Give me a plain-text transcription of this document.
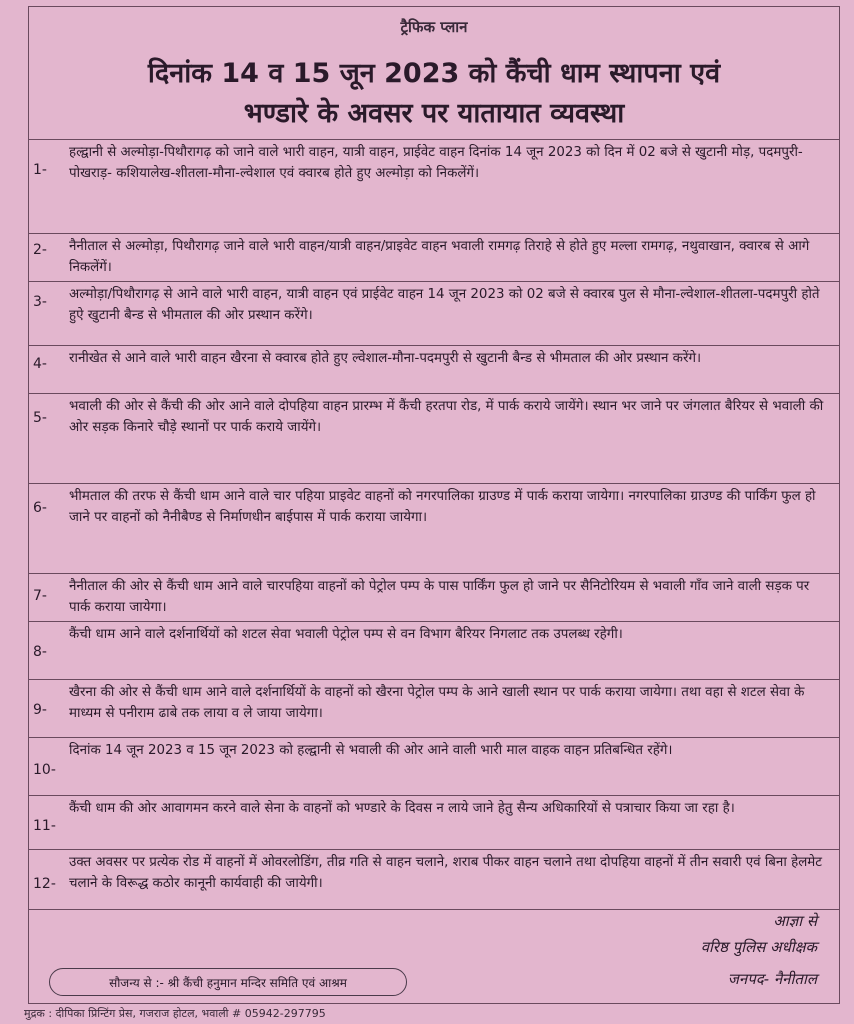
ट्रैफिक प्लान
दिनांक 14 व 15 जून 2023 को कैंची धाम स्थापना एवं
भण्डारे के अवसर पर यातायात व्यवस्था
1-
हल्द्वानी से अल्मोड़ा-पिथौरागढ़ को जाने वाले भारी वाहन, यात्री वाहन, प्राईवेट वाहन दिनांक 14 जून 2023 को दिन में 02 बजे से खुटानी मोड़, पदमपुरी-पोखराड़- कशियालेख-शीतला-मौना-ल्वेशाल एवं क्वारब होते हुए अल्मोड़ा को निकलेंगें।
2- नैनीताल से अल्मोड़ा, पिथौरागढ़ जाने वाले भारी वाहन/यात्री वाहन/प्राइवेट वाहन भवाली रामगढ़ तिराहे से होते हुए मल्ला रामगढ़, नथुवाखान, क्वारब से आगे निकलेंगें।
3- अल्मोड़ा/पिथौरागढ़ से आने वाले भारी वाहन, यात्री वाहन एवं प्राईवेट वाहन 14 जून 2023 को 02 बजे से क्वारब पुल से मौना-ल्वेशाल-शीतला-पदमपुरी होते हुऐ खुटानी बैन्ड से भीमताल की ओर प्रस्थान करेंगे।
4- रानीखेत से आने वाले भारी वाहन खैरना से क्वारब होते हुए ल्वेशाल-मौना-पदमपुरी से खुटानी बैन्ड से भीमताल की ओर प्रस्थान करेंगे।
5-
भवाली की ओर से कैंची की ओर आने वाले दोपहिया वाहन प्रारम्भ में कैंची हरतपा रोड, में पार्क कराये जायेंगे। स्थान भर जाने पर जंगलात बैरियर से भवाली की ओर सड़क किनारे चौड़े स्थानों पर पार्क कराये जायेंगे।
6-
भीमताल की तरफ से कैंची धाम आने वाले चार पहिया प्राइवेट वाहनों को नगरपालिका ग्राउण्ड में पार्क कराया जायेगा। नगरपालिका ग्राउण्ड की पार्किंग फुल हो जाने पर वाहनों को नैनीबैण्ड से निर्माणधीन बाईपास में पार्क कराया जायेगा।
7-
नैनीताल की ओर से कैंची धाम आने वाले चारपहिया वाहनों को पेट्रोल पम्प के पास पार्किंग फुल हो जाने पर सैनिटोरियम से भवाली गाँव जाने वाली सड़क पर पार्क कराया जायेगा।
8-
कैंची धाम आने वाले दर्शनार्थियों को शटल सेवा भवाली पेट्रोल पम्प से वन विभाग बैरियर निगलाट तक उपलब्ध रहेगी।
9-
खैरना की ओर से कैंची धाम आने वाले दर्शनार्थियों के वाहनों को खैरना पेट्रोल पम्प के आने खाली स्थान पर पार्क कराया जायेगा। तथा वहा से शटल सेवा के माध्यम से पनीराम ढाबे तक लाया व ले जाया जायेगा।
10-
दिनांक 14 जून 2023 व 15 जून 2023 को हल्द्वानी से भवाली की ओर आने वाली भारी माल वाहक वाहन प्रतिबन्धित रहेंगे।
11-
कैंची धाम की ओर आवागमन करने वाले सेना के वाहनों को भण्डारे के दिवस न लाये जाने हेतु सैन्य अधिकारियों से पत्राचार किया जा रहा है।
12-
उक्त अवसर पर प्रत्येक रोड में वाहनों में ओवरलोडिंग, तीव्र गति से वाहन चलाने, शराब पीकर वाहन चलाने तथा दोपहिया वाहनों में तीन सवारी एवं बिना हेलमेट चलाने के विरूद्ध कठोर कानूनी कार्यवाही की जायेगी।
आज्ञा से
वरिष्ठ पुलिस अधीक्षक
जनपद- नैनीताल
सौजन्य से :- श्री कैंची हनुमान मन्दिर समिति एवं आश्रम
मुद्रक : दीपिका प्रिन्टिंग प्रेस, गजराज होटल, भवाली # 05942-297795
